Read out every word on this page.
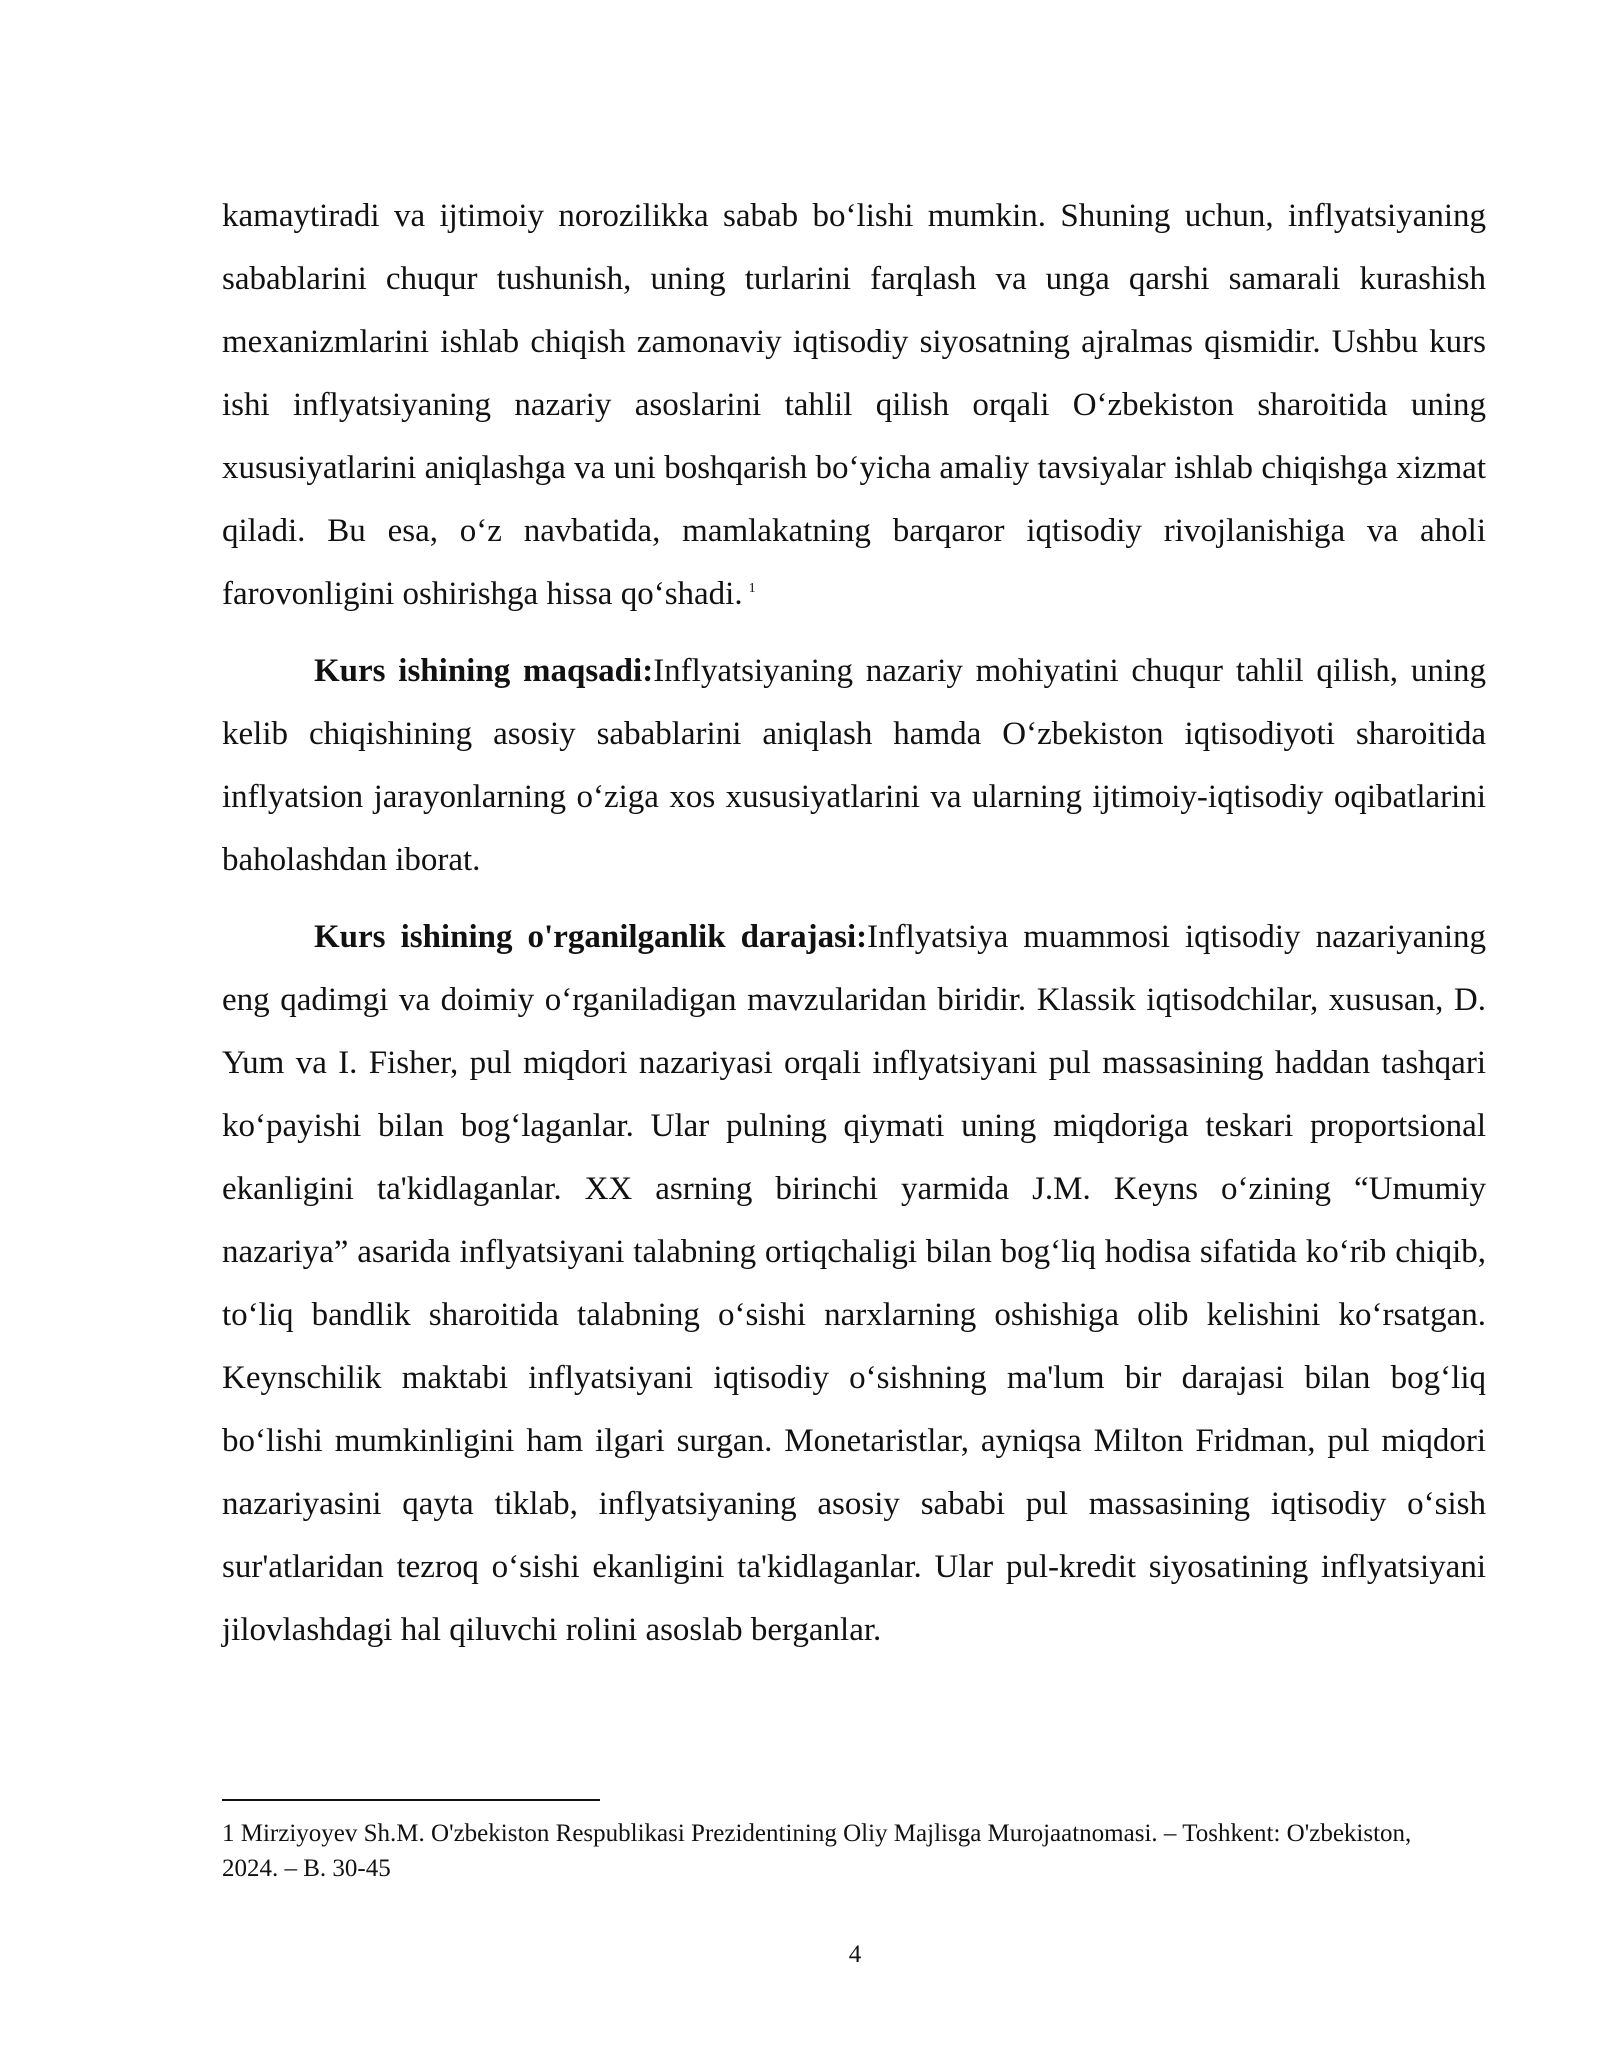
kamaytiradi va ijtimoiy norozilikka sabab bo‘lishi mumkin. Shuning uchun, inflyatsiyaning sabablarini chuqur tushunish, uning turlarini farqlash va unga qarshi samarali kurashish mexanizmlarini ishlab chiqish zamonaviy iqtisodiy siyosatning ajralmas qismidir. Ushbu kurs ishi inflyatsiyaning nazariy asoslarini tahlil qilish orqali O‘zbekiston sharoitida uning xususiyatlarini aniqlashga va uni boshqarish bo‘yicha amaliy tavsiyalar ishlab chiqishga xizmat qiladi. Bu esa, o‘z navbatida, mamlakatning barqaror iqtisodiy rivojlanishiga va aholi farovonligini oshirishga hissa qo‘shadi. $^1$

Kurs ishining maqsadi:Inflyatsiyaning nazariy mohiyatini chuqur tahlil qilish, uning kelib chiqishining asosiy sabablarini aniqlash hamda O‘zbekiston iqtisodiyoti sharoitida inflyatsion jarayonlarning o‘ziga xos xususiyatlarini va ularning ijtimoiy-iqtisodiy oqibatlarini baholashdan iborat.

Kurs ishining o'rganilganlik darajasi:Inflyatsiya muammosi iqtisodiy nazariyaning eng qadimgi va doimiy o‘rganiladigan mavzularidan biridir. Klassik iqtisodchilar, xususan, D. Yum va I. Fisher, pul miqdori nazariyasi orqali inflyatsiyani pul massasining haddan tashqari ko‘payishi bilan bog‘laganlar. Ular pulning qiymati uning miqdoriga teskari proportsional ekanligini ta'kidlaganlar. XX asrning birinchi yarmida J.M. Keyns o‘zining “Umumiy nazariya” asarida inflyatsiyani talabning ortiqchaligi bilan bog‘liq hodisa sifatida ko‘rib chiqib, to‘liq bandlik sharoitida talabning o‘sishi narxlarning oshishiga olib kelishini ko‘rsatgan. Keynschilik maktabi inflyatsiyani iqtisodiy o‘sishning ma'lum bir darajasi bilan bog‘liq bo‘lishi mumkinligini ham ilgari surgan. Monetaristlar, ayniqsa Milton Fridman, pul miqdori nazariyasini qayta tiklab, inflyatsiyaning asosiy sababi pul massasining iqtisodiy o‘sish sur'atlaridan tezroq o‘sishi ekanligini ta'kidlaganlar. Ular pul-kredit siyosatining inflyatsiyani jilovlashdagi hal qiluvchi rolini asoslab berganlar.

1 Mirziyoyev Sh.M. O'zbekiston Respublikasi Prezidentining Oliy Majlisga Murojaatnomasi. – Toshkent: O'zbekiston, 2024. – B. 30-45

4
